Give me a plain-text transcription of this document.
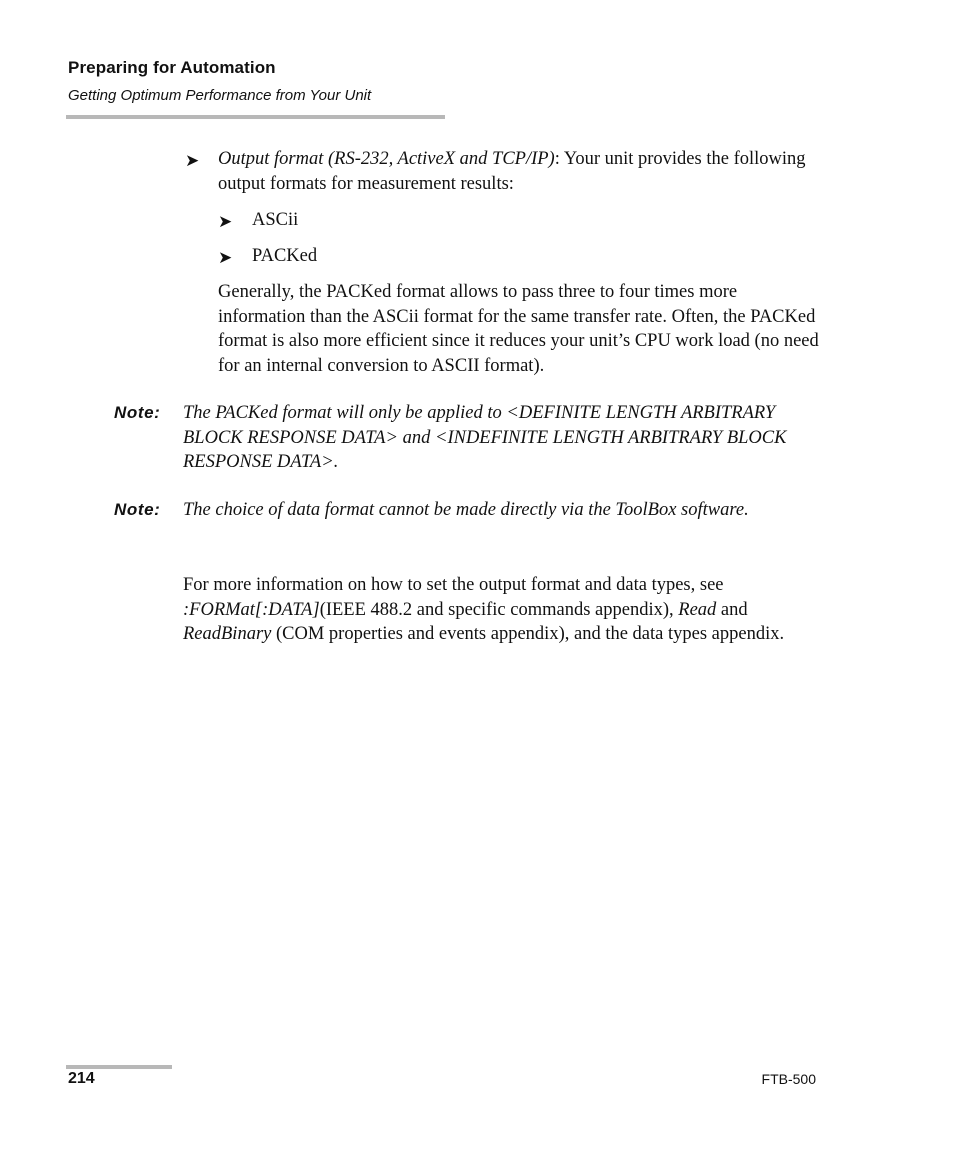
Preparing for Automation
Getting Optimum Performance from Your Unit
➤ Output format (RS-232, ActiveX and TCP/IP): Your unit provides the following output formats for measurement results:
➤ ASCii
➤ PACKed
Generally, the PACKed format allows to pass three to four times more information than the ASCii format for the same transfer rate. Often, the PACKed format is also more efficient since it reduces your unit’s CPU work load (no need for an internal conversion to ASCII format).
Note: The PACKed format will only be applied to <DEFINITE LENGTH ARBITRARY BLOCK RESPONSE DATA> and <INDEFINITE LENGTH ARBITRARY BLOCK RESPONSE DATA>.
Note: The choice of data format cannot be made directly via the ToolBox software.
For more information on how to set the output format and data types, see :FORMat[:DATA](IEEE 488.2 and specific commands appendix), Read and ReadBinary (COM properties and events appendix), and the data types appendix.
214	FTB-500
